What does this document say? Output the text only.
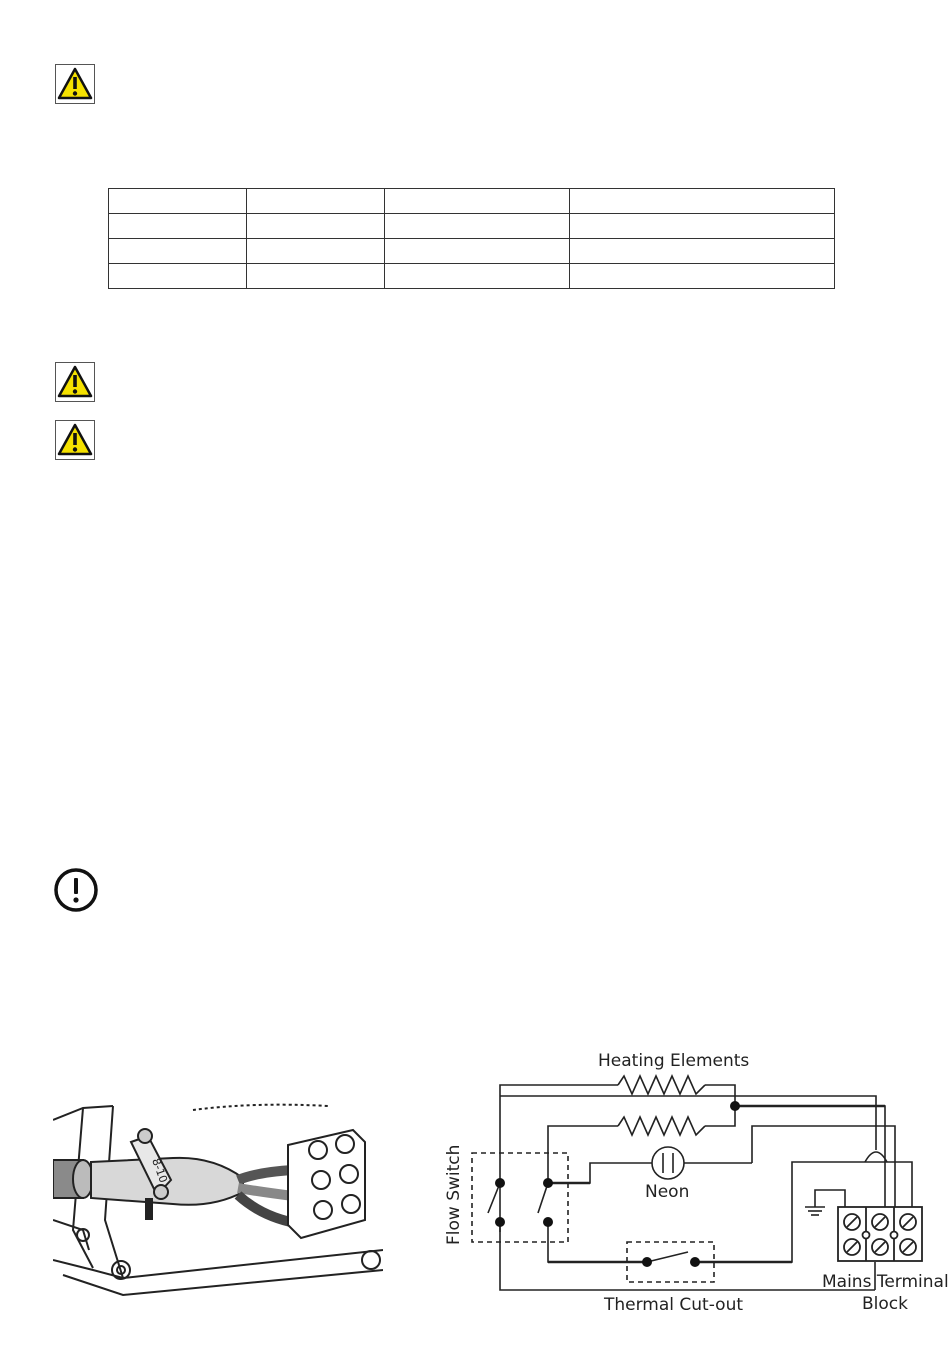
8-10
Heating Elements
Flow Switch	Neon
Thermal Cut-out
Mains Terminal
Block
